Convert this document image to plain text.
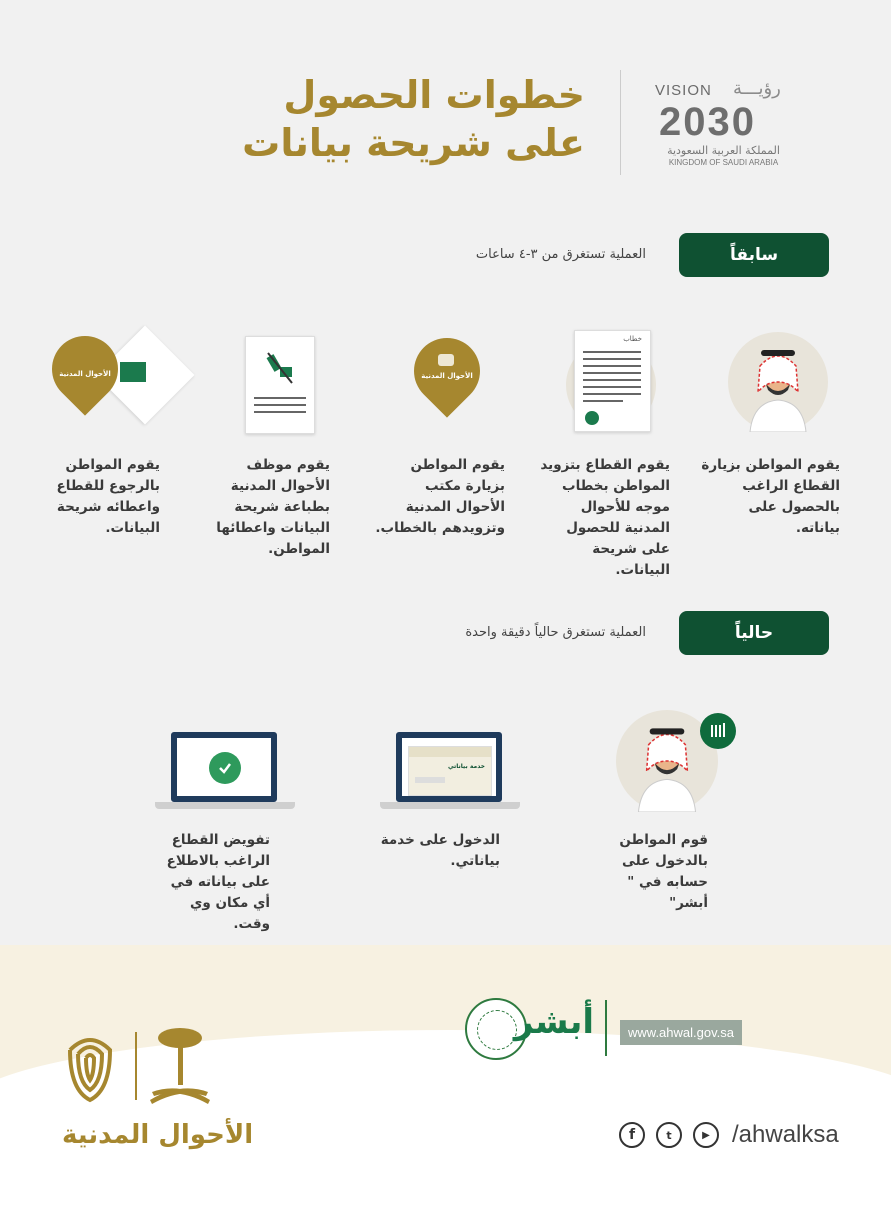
خطوات الحصول
على شريحة بيانات
VISION رؤيـــة
2030
المملكة العربية السعودية
KINGDOM OF SAUDI ARABIA
سابقاً
العملية تستغرق من ٣-٤ ساعات
يقوم المواطن بزيارة القطاع الراغب بالحصول على بياناته.
خطاب
يقوم القطاع بتزويد المواطن بخطاب موجه للأحوال المدنية للحصول على شريحة البيانات.
الأحوال المدنية
يقوم المواطن بزيارة مكتب الأحوال المدنية وتزويدهم بالخطاب.
يقوم موظف الأحوال المدنية بطباعة شريحة البيانات واعطائها المواطن.
الأحوال المدنية
يقوم المواطن بالرجوع للقطاع واعطائه شريحة البيانات.
حالياً
العملية تستغرق حالياً دقيقة واحدة
قوم المواطن بالدخول على حسابه في " أبشر"
خدمة بياناتي
الدخول على خدمة بياناتي.
تفويض القطاع الراغب بالاطلاع على بياناته في أي مكان وي وقت.
أبشر	www.ahwal.gov.sa
الأحوال المدنية	f	t	▶ /ahwalksa
